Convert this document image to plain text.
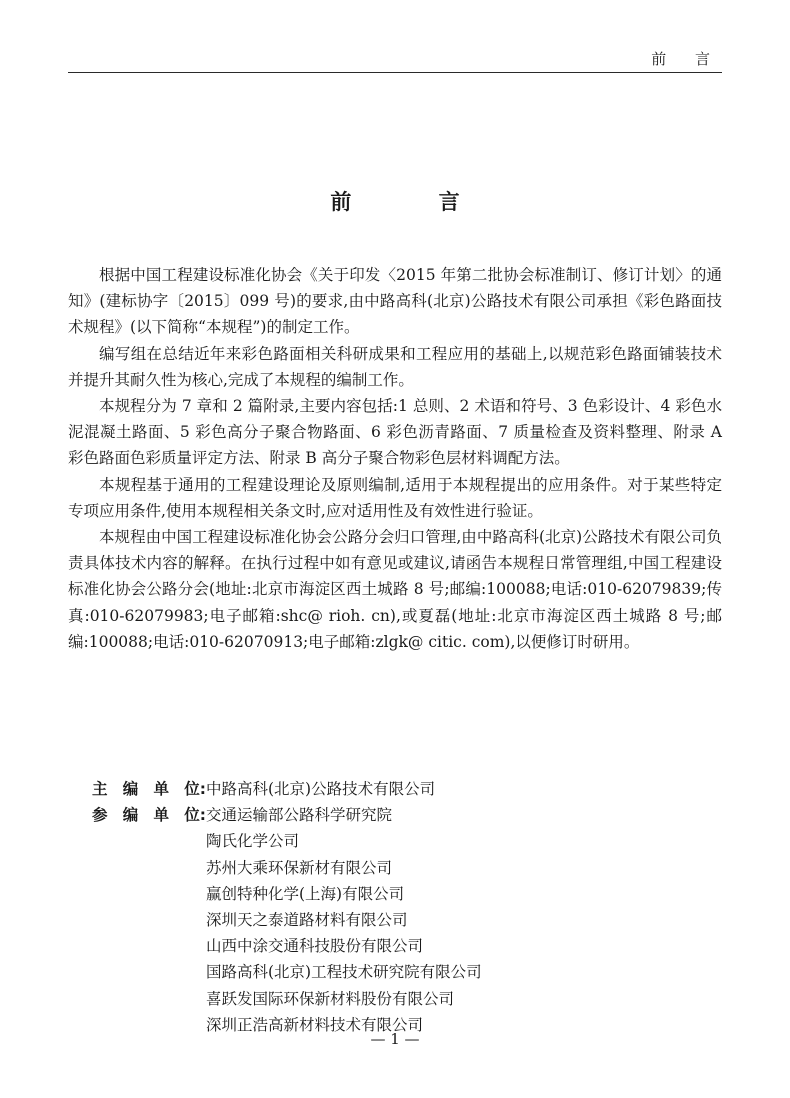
前 言
前 言

根据中国工程建设标准化协会《关于印发〈2015 年第二批协会标准制订、修订计划〉的通知》(建标协字〔2015〕099 号)的要求,由中路高科(北京)公路技术有限公司承担《彩色路面技术规程》(以下简称“本规程”)的制定工作。

编写组在总结近年来彩色路面相关科研成果和工程应用的基础上,以规范彩色路面铺装技术并提升其耐久性为核心,完成了本规程的编制工作。

本规程分为 7 章和 2 篇附录,主要内容包括:1 总则、2 术语和符号、3 色彩设计、4 彩色水泥混凝土路面、5 彩色高分子聚合物路面、6 彩色沥青路面、7 质量检查及资料整理、附录 A 彩色路面色彩质量评定方法、附录 B 高分子聚合物彩色层材料调配方法。

本规程基于通用的工程建设理论及原则编制,适用于本规程提出的应用条件。对于某些特定专项应用条件,使用本规程相关条文时,应对适用性及有效性进行验证。

本规程由中国工程建设标准化协会公路分会归口管理,由中路高科(北京)公路技术有限公司负责具体技术内容的解释。在执行过程中如有意见或建议,请函告本规程日常管理组,中国工程建设标准化协会公路分会(地址:北京市海淀区西土城路 8 号;邮编:100088;电话:010-62079839;传真:010-62079983;电子邮箱:shc@ rioh. cn),或夏磊(地址:北京市海淀区西土城路 8 号;邮编:100088;电话:010-62070913;电子邮箱:zlgk@ citic. com),以便修订时研用。

主 编 单 位: 中路高科(北京)公路技术有限公司
参 编 单 位: 交通运输部公路科学研究院
陶氏化学公司
苏州大乘环保新材有限公司
赢创特种化学(上海)有限公司
深圳天之泰道路材料有限公司
山西中涂交通科技股份有限公司
国路高科(北京)工程技术研究院有限公司
喜跃发国际环保新材料股份有限公司
深圳正浩高新材料技术有限公司
— 1 —
